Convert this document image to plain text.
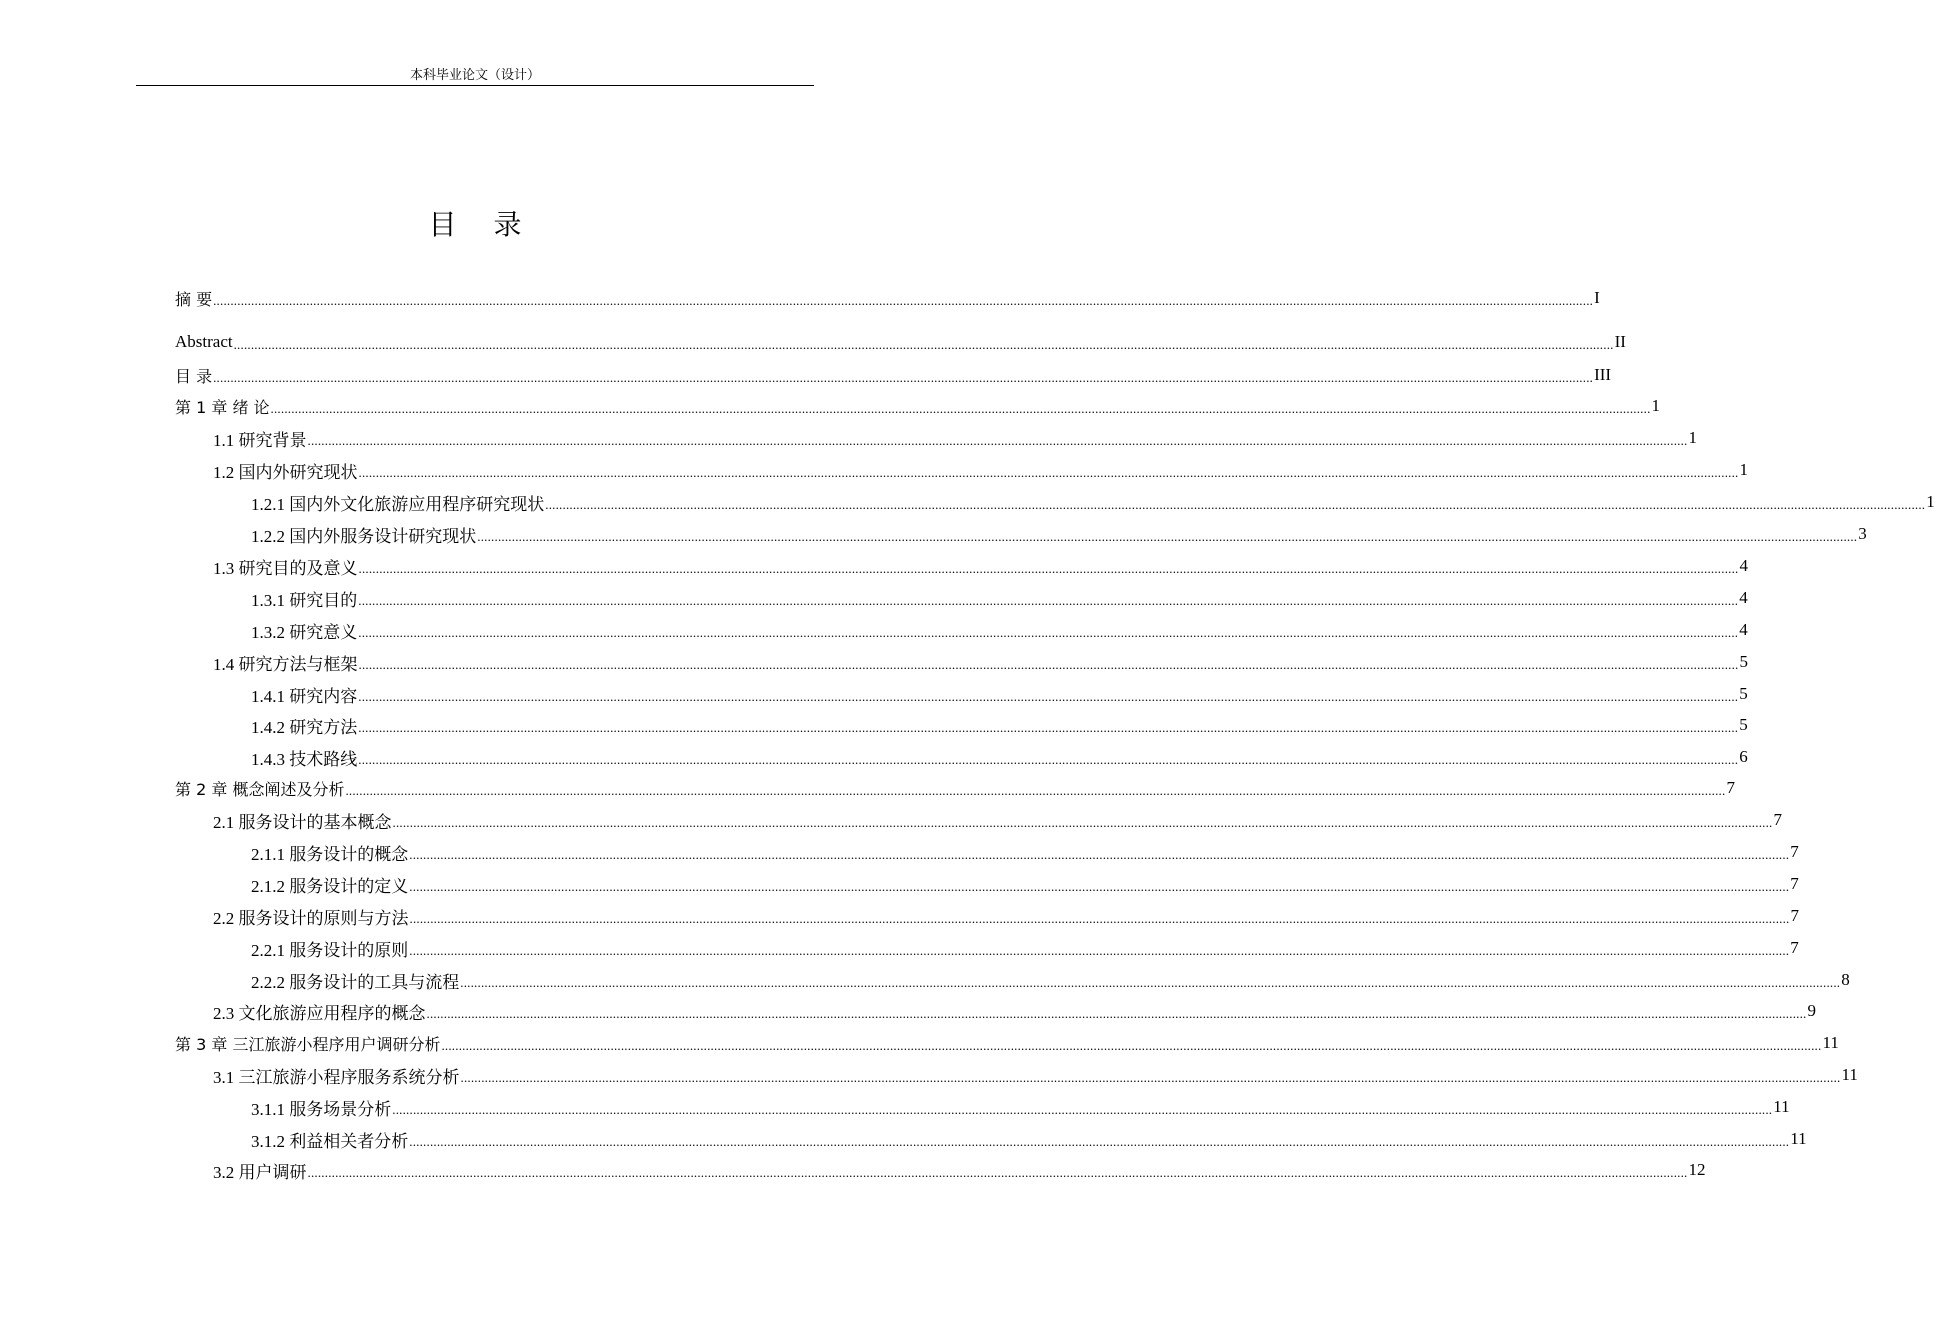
本科毕业论文（设计）
目 录
摘 要 ................................................................................................................................................................................................................................................................................................................................................................................................................ I
Abstract ................................................................................................................................................................................................................................................................................................................................................................................................................ II
目 录 ................................................................................................................................................................................................................................................................................................................................................................................................................ III
第 1 章 绪 论 ................................................................................................................................................................................................................................................................................................................................................................................................................ 1
1.1 研究背景 ................................................................................................................................................................................................................................................................................................................................................................................................................ 1
1.2 国内外研究现状 ................................................................................................................................................................................................................................................................................................................................................................................................................ 1
1.2.1 国内外文化旅游应用程序研究现状 ................................................................................................................................................................................................................................................................................................................................................................................................................ 1
1.2.2 国内外服务设计研究现状 ................................................................................................................................................................................................................................................................................................................................................................................................................ 3
1.3 研究目的及意义 ................................................................................................................................................................................................................................................................................................................................................................................................................ 4
1.3.1 研究目的 ................................................................................................................................................................................................................................................................................................................................................................................................................ 4
1.3.2 研究意义 ................................................................................................................................................................................................................................................................................................................................................................................................................ 4
1.4 研究方法与框架 ................................................................................................................................................................................................................................................................................................................................................................................................................ 5
1.4.1 研究内容 ................................................................................................................................................................................................................................................................................................................................................................................................................ 5
1.4.2 研究方法 ................................................................................................................................................................................................................................................................................................................................................................................................................ 5
1.4.3 技术路线 ................................................................................................................................................................................................................................................................................................................................................................................................................ 6
第 2 章 概念阐述及分析 ................................................................................................................................................................................................................................................................................................................................................................................................................ 7
2.1 服务设计的基本概念 ................................................................................................................................................................................................................................................................................................................................................................................................................ 7
2.1.1 服务设计的概念 ................................................................................................................................................................................................................................................................................................................................................................................................................ 7
2.1.2 服务设计的定义 ................................................................................................................................................................................................................................................................................................................................................................................................................ 7
2.2 服务设计的原则与方法 ................................................................................................................................................................................................................................................................................................................................................................................................................ 7
2.2.1 服务设计的原则 ................................................................................................................................................................................................................................................................................................................................................................................................................ 7
2.2.2 服务设计的工具与流程 ................................................................................................................................................................................................................................................................................................................................................................................................................ 8
2.3 文化旅游应用程序的概念 ................................................................................................................................................................................................................................................................................................................................................................................................................ 9
第 3 章 三江旅游小程序用户调研分析 ................................................................................................................................................................................................................................................................................................................................................................................................................ 11
3.1 三江旅游小程序服务系统分析 ................................................................................................................................................................................................................................................................................................................................................................................................................ 11
3.1.1 服务场景分析 ................................................................................................................................................................................................................................................................................................................................................................................................................ 11
3.1.2 利益相关者分析 ................................................................................................................................................................................................................................................................................................................................................................................................................ 11
3.2 用户调研 ................................................................................................................................................................................................................................................................................................................................................................................................................ 12
